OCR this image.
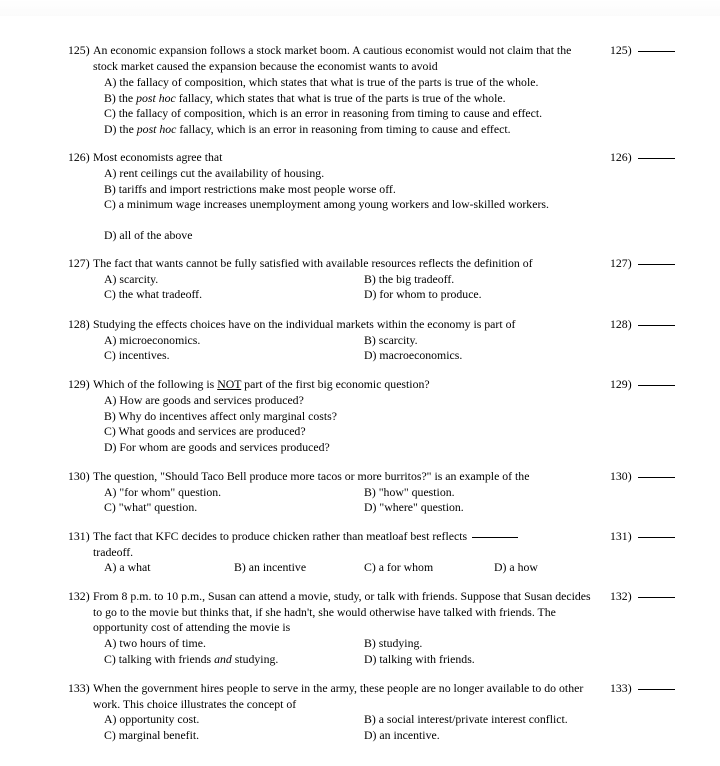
125) An economic expansion follows a stock market boom. A cautious economist would not claim that the stock market caused the expansion because the economist wants to avoid
A) the fallacy of composition, which states that what is true of the parts is true of the whole.
B) the post hoc fallacy, which states that what is true of the parts is true of the whole.
C) the fallacy of composition, which is an error in reasoning from timing to cause and effect.
D) the post hoc fallacy, which is an error in reasoning from timing to cause and effect.
125)
126) Most economists agree that
A) rent ceilings cut the availability of housing.
B) tariffs and import restrictions make most people worse off.
C) a minimum wage increases unemployment among young workers and low-skilled workers.
D) all of the above
126)
127) The fact that wants cannot be fully satisfied with available resources reflects the definition of
A) scarcity.	B) the big tradeoff.
C) the what tradeoff.	D) for whom to produce.
127)
128) Studying the effects choices have on the individual markets within the economy is part of
A) microeconomics.	B) scarcity.
C) incentives.	D) macroeconomics.
128)
129) Which of the following is NOT part of the first big economic question?
A) How are goods and services produced?
B) Why do incentives affect only marginal costs?
C) What goods and services are produced?
D) For whom are goods and services produced?
129)
130) The question, "Should Taco Bell produce more tacos or more burritos?" is an example of the
A) "for whom" question.	B) "how" question.
C) "what" question.	D) "where" question.
130)
131) The fact that KFC decides to produce chicken rather than meatloaf best reflects
tradeoff.
A) a what	B) an incentive	C) a for whom	D) a how
131)
132) From 8 p.m. to 10 p.m., Susan can attend a movie, study, or talk with friends. Suppose that Susan decides to go to the movie but thinks that, if she hadn't, she would otherwise have talked with friends. The opportunity cost of attending the movie is
A) two hours of time.	B) studying.
C) talking with friends and studying.	D) talking with friends.
132)
133) When the government hires people to serve in the army, these people are no longer available to do other work. This choice illustrates the concept of
A) opportunity cost.	B) a social interest/private interest conflict.
C) marginal benefit.	D) an incentive.
133)
